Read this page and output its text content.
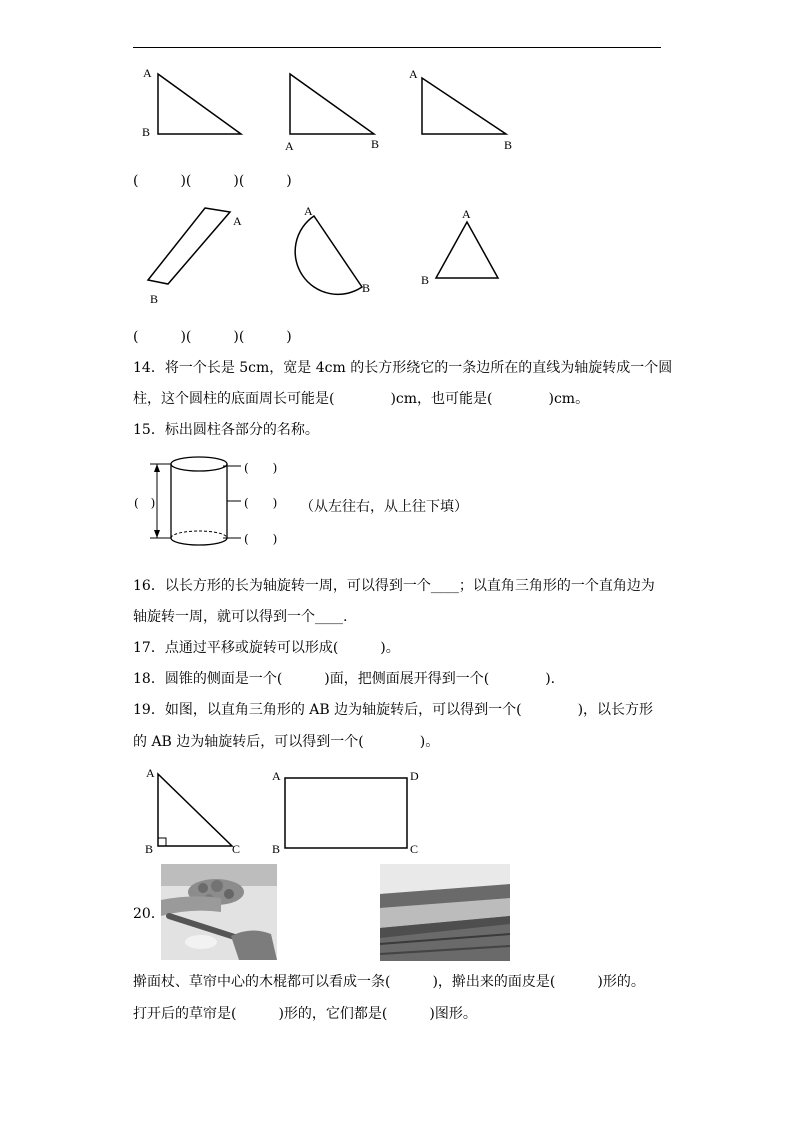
A
B
A	B
A
B
(　　　)(　　　)(　　　)
A
B
A
B
A
B
(　　　)(　　　)(　　　)
14．将一个长是 5cm，宽是 4cm 的长方形绕它的一条边所在的直线为轴旋转成一个圆
柱，这个圆柱的底面周长可能是(　　　　)cm，也可能是(　　　　)cm。
15．标出圆柱各部分的名称。
(　　)
(　　)
(　　)
(　)	（从左往右，从上往下填）
16．以长方形的长为轴旋转一周，可以得到一个____；以直角三角形的一个直角边为
轴旋转一周，就可以得到一个____.
17．点通过平移或旋转可以形成(　　　)。
18．圆锥的侧面是一个(　　　)面，把侧面展开得到一个(　　　　).
19．如图，以直角三角形的 AB 边为轴旋转后，可以得到一个(　　　　)，以长方形
的 AB 边为轴旋转后，可以得到一个(　　　　)。
A
B	C
A
B	C
D
20．
擀面杖、草帘中心的木棍都可以看成一条(　　　)，擀出来的面皮是(　　　)形的。
打开后的草帘是(　　　)形的，它们都是(　　　)图形。
